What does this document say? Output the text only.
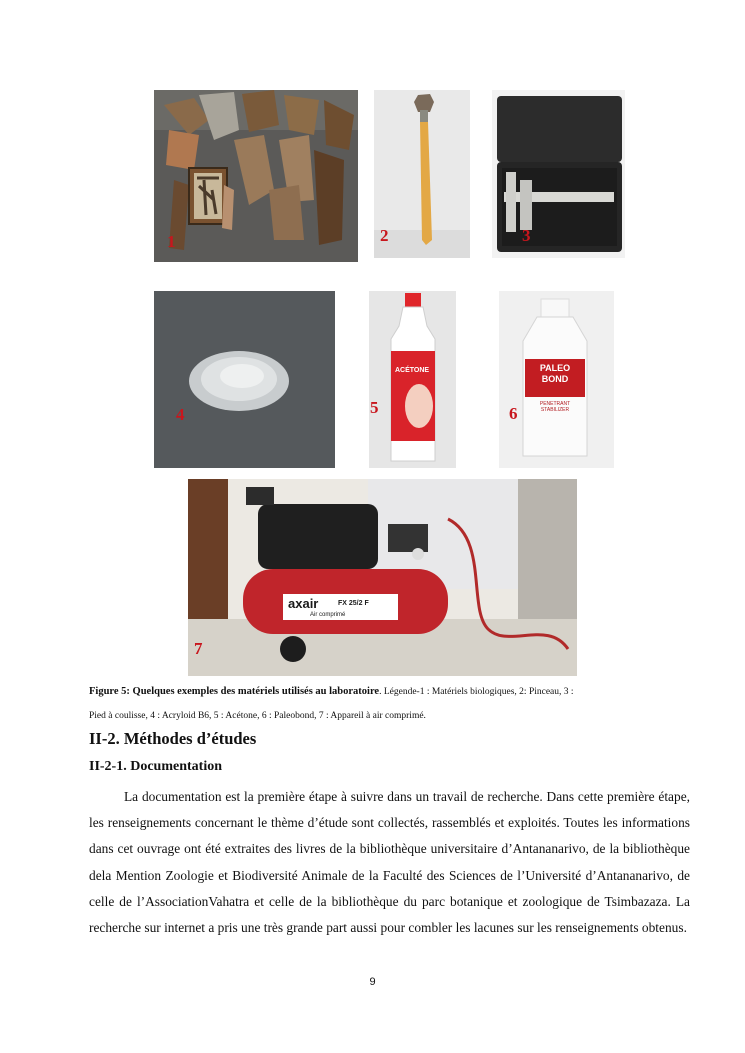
1	2	3
4
ACÉTONE
5
PALEO BOND
PENETRANT STABILIZER
6
axair	FX 25/2 F
Air comprimé
7
Figure 5: Quelques exemples des matériels utilisés au laboratoire. Légende-1 : Matériels biologiques, 2: Pinceau, 3 :
Pied à coulisse, 4 : Acryloid B6, 5 : Acétone, 6 : Paleobond, 7 : Appareil à air comprimé.
II-2. Méthodes d’études
II-2-1. Documentation
La documentation est la première étape à suivre dans un travail de recherche. Dans cette première étape, les renseignements concernant le thème d’étude sont collectés, rassemblés et exploités. Toutes les informations dans cet ouvrage ont été extraites des livres de la bibliothèque universitaire d’Antananarivo, de la bibliothèque dela Mention Zoologie et Biodiversité Animale de la Faculté des Sciences de l’Université d’Antananarivo, de celle de l’AssociationVahatra et celle de la bibliothèque du parc botanique et zoologique de Tsimbazaza. La recherche sur internet a pris une très grande part aussi pour combler les lacunes sur les renseignements obtenus.
9
